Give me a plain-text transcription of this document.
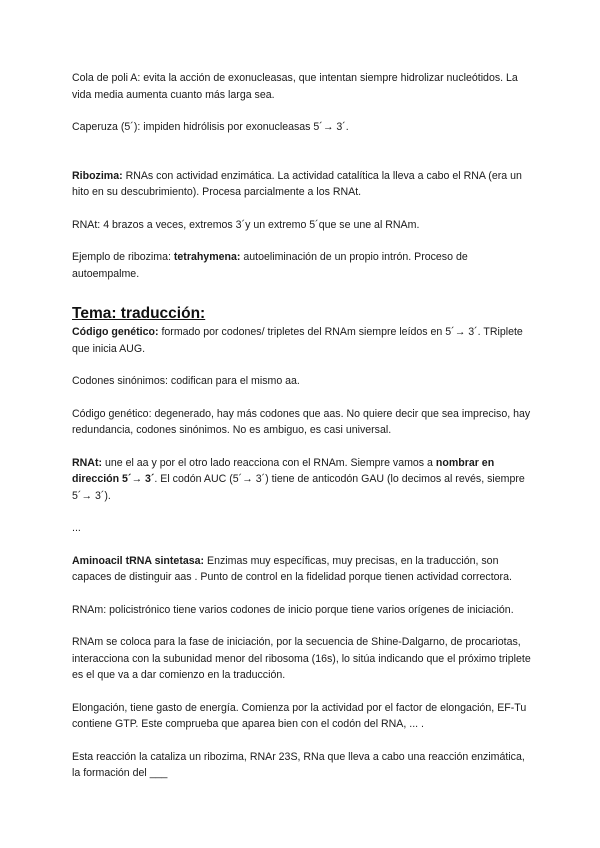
Cola de poli A: evita la acción de exonucleasas, que intentan siempre hidrolizar nucleótidos. La vida media aumenta cuanto más larga sea.

Caperuza (5´): impiden hidrólisis por exonucleasas 5´→ 3´.

Ribozima: RNAs con actividad enzimática. La actividad catalítica la lleva a cabo el RNA (era un hito en su descubrimiento). Procesa parcialmente a los RNAt.

RNAt: 4 brazos a veces, extremos 3´y un extremo 5´que se une al RNAm.

Ejemplo de ribozima: tetrahymena: autoeliminación de un propio intrón. Proceso de autoempalme.

Tema: traducción:

Código genético: formado por codones/ tripletes del RNAm siempre leídos en 5´→ 3´. TRiplete que inicia AUG.

Codones sinónimos: codifican para el mismo aa.

Código genético: degenerado, hay más codones que aas. No quiere decir que sea impreciso, hay redundancia, codones sinónimos. No es ambiguo, es casi universal.

RNAt: une el aa y por el otro lado reacciona con el RNAm. Siempre vamos a nombrar en dirección 5´→ 3´. El codón AUC (5´→ 3´) tiene de anticodón GAU (lo decimos al revés, siempre 5´→ 3´).

...

Aminoacil tRNA sintetasa: Enzimas muy específicas, muy precisas, en la traducción, son capaces de distinguir aas . Punto de control en la fidelidad porque tienen actividad correctora.

RNAm: policistrónico tiene varios codones de inicio porque tiene varios orígenes de iniciación.

RNAm se coloca para la fase de iniciación, por la secuencia de Shine-Dalgarno, de procariotas, interacciona con la subunidad menor del ribosoma (16s), lo sitúa indicando que el próximo triplete es el que va a dar comienzo en la traducción.

Elongación, tiene gasto de energía. Comienza por la actividad por el factor de elongación, EF-Tu contiene GTP. Este comprueba que aparea bien con el codón del RNA, ... .

Esta reacción la cataliza un ribozima, RNAr 23S, RNa que lleva a cabo una reacción enzimática, la formación del ___
